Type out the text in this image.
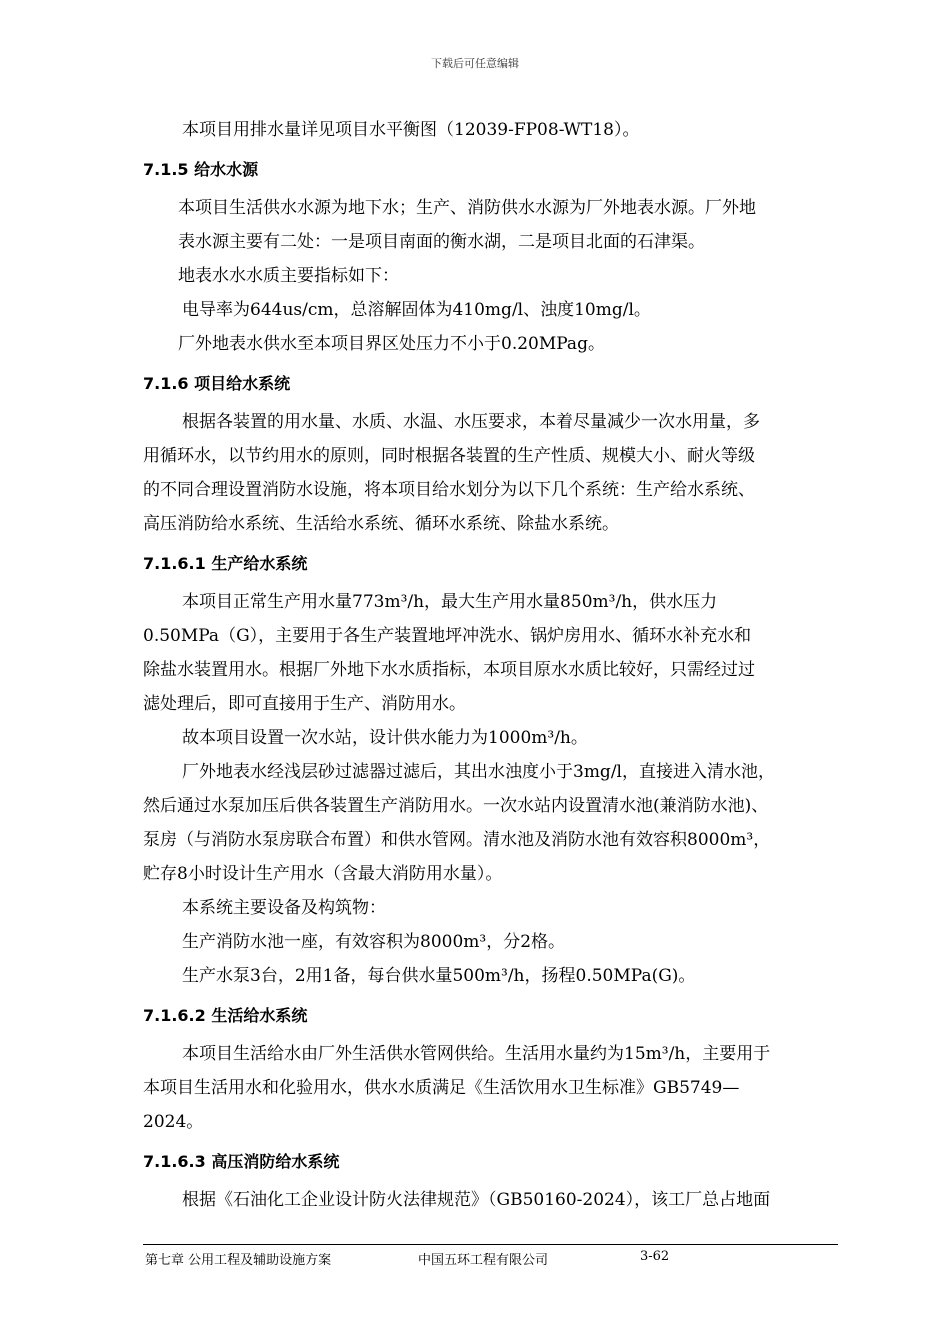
下载后可任意编辑

本项目用排水量详见项目水平衡图（12039-FP08-WT18）。

7.1.5 给水水源

本项目生活供水水源为地下水；生产、消防供水水源为厂外地表水源。厂外地

表水源主要有二处：一是项目南面的衡水湖，二是项目北面的石津渠。

地表水水水质主要指标如下：

电导率为644us/cm，总溶解固体为410mg/l、浊度10mg/l。

厂外地表水供水至本项目界区处压力不小于0.20MPag。

7.1.6 项目给水系统

根据各装置的用水量、水质、水温、水压要求，本着尽量减少一次水用量，多

用循环水，以节约用水的原则，同时根据各装置的生产性质、规模大小、耐火等级

的不同合理设置消防水设施，将本项目给水划分为以下几个系统：生产给水系统、

高压消防给水系统、生活给水系统、循环水系统、除盐水系统。

7.1.6.1 生产给水系统

本项目正常生产用水量773m³/h，最大生产用水量850m³/h，供水压力

0.50MPa（G），主要用于各生产装置地坪冲洗水、锅炉房用水、循环水补充水和

除盐水装置用水。根据厂外地下水水质指标，本项目原水水质比较好，只需经过过

滤处理后，即可直接用于生产、消防用水。

故本项目设置一次水站，设计供水能力为1000m³/h。

厂外地表水经浅层砂过滤器过滤后，其出水浊度小于3mg/l，直接进入清水池，

然后通过水泵加压后供各装置生产消防用水。一次水站内设置清水池(兼消防水池)、

泵房（与消防水泵房联合布置）和供水管网。清水池及消防水池有效容积8000m³，

贮存8小时设计生产用水（含最大消防用水量）。

本系统主要设备及构筑物：

生产消防水池一座，有效容积为8000m³，分2格。

生产水泵3台，2用1备，每台供水量500m³/h，扬程0.50MPa(G)。

7.1.6.2 生活给水系统

本项目生活给水由厂外生活供水管网供给。生活用水量约为15m³/h，主要用于

本项目生活用水和化验用水，供水水质满足《生活饮用水卫生标准》GB5749—

2024。

7.1.6.3 高压消防给水系统

根据《石油化工企业设计防火法律规范》（GB50160-2024），该工厂总占地面

第七章 公用工程及辅助设施方案	中国五环工程有限公司	3-62
